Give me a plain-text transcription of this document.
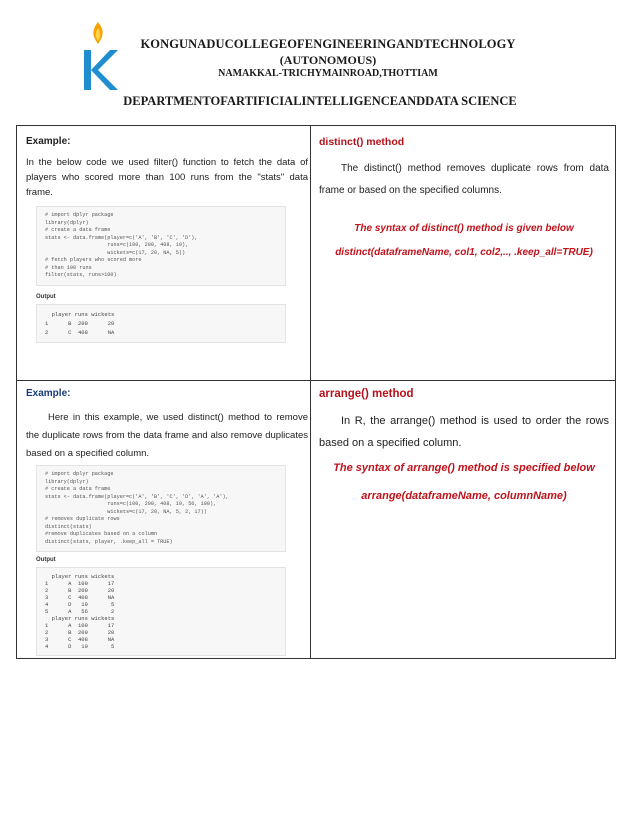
KONGUNADUCOLLEGEOFENGINEERINGANDTECHNOLOGY
(AUTONOMOUS)
NAMAKKAL-TRICHYMAINROAD,THOTTIAM
DEPARTMENTOFARTIFICIALINTELLIGENCEANDDATA SCIENCE
Example:
In the below code we used filter() function to fetch the data of players who scored more than 100 runs from the "stats" data frame.
# import dplyr package
library(dplyr)
# create a data frame
stats <- data.frame(player=c('A', 'B', 'C', 'D'),
runs=c(100, 200, 408, 19),
wickets=c(17, 20, NA, 5))
# fetch players who scored more
# than 100 runs
filter(stats, runs>100)
Output
player runs wickets
1      B  200      20
2      C  408      NA
distinct() method
The distinct() method removes duplicate rows from data frame or based on the specified columns.
The syntax of distinct() method is given below
distinct(dataframeName, col1, col2,.., .keep_all=TRUE)
Example:
Here in this example, we used distinct() method to remove the duplicate rows from the data frame and also remove duplicates based on a specified column.
# import dplyr package
library(dplyr)
# create a data frame
stats <- data.frame(player=c('A', 'B', 'C', 'D', 'A', 'A'),
runs=c(100, 200, 408, 19, 56, 100),
wickets=c(17, 20, NA, 5, 2, 17))
# removes duplicate rows
distinct(stats)
#remove duplicates based on a column
distinct(stats, player, .keep_all = TRUE)
Output
player runs wickets
1      A  100      17
2      B  200      20
3      C  408      NA
4      D   19       5
5      A   56       2
player runs wickets
1      A  100      17
2      B  200      20
3      C  408      NA
4      D   19       5
arrange() method
In R, the arrange() method is used to order the rows based on a specified column.
The syntax of arrange() method is specified below
arrange(dataframeName, columnName)
